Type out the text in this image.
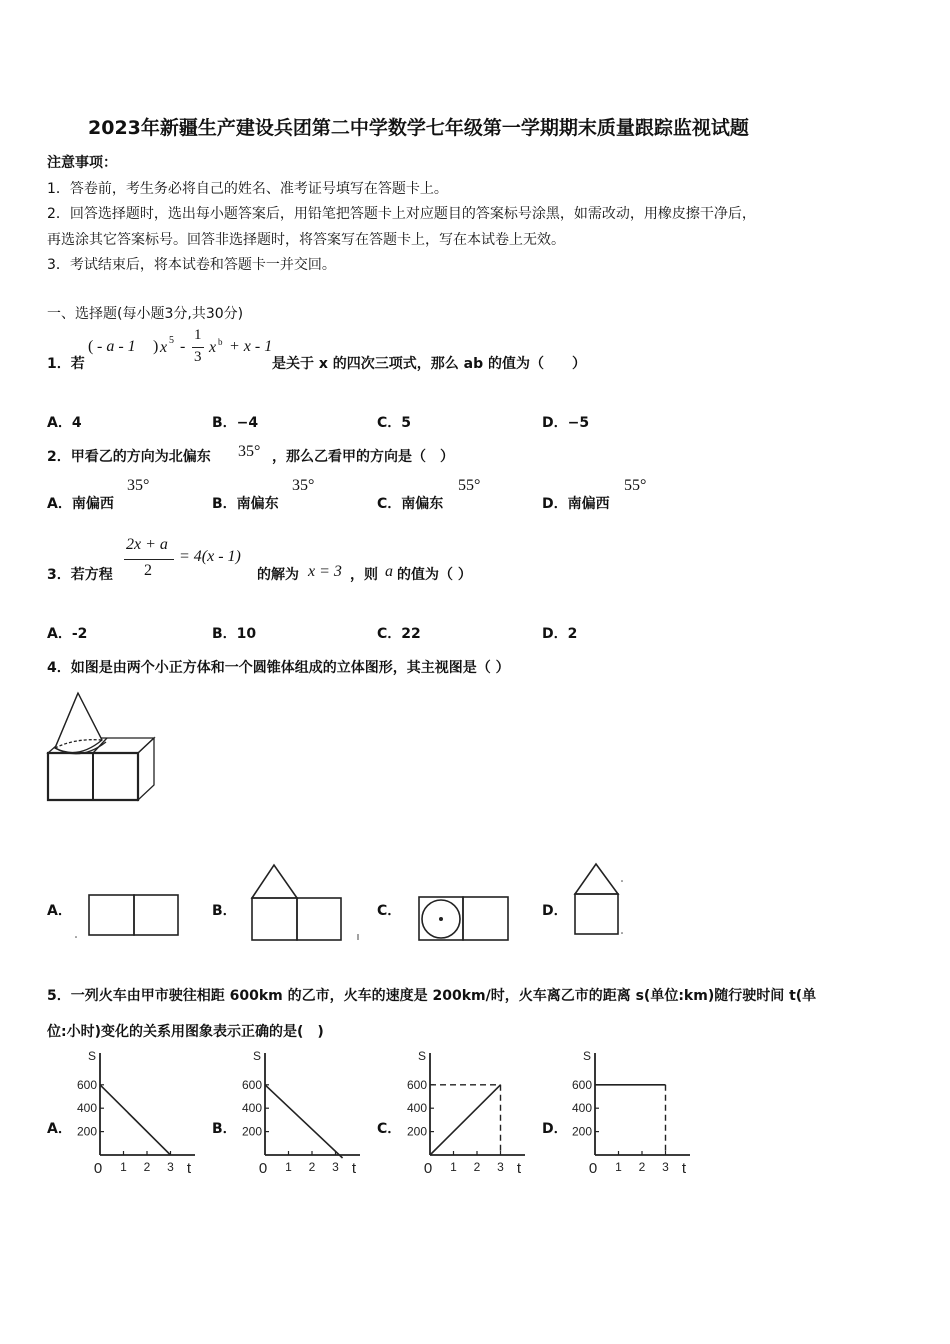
2023年新疆生产建设兵团第二中学数学七年级第一学期期末质量跟踪监视试题
注意事项：
1．答卷前，考生务必将自己的姓名、准考证号填写在答题卡上。
2．回答选择题时，选出每小题答案后，用铅笔把答题卡上对应题目的答案标号涂黑，如需改动，用橡皮擦干净后，
再选涂其它答案标号。回答非选择题时，将答案写在答题卡上，写在本试卷上无效。
3．考试结束后，将本试卷和答题卡一并交回。
一、选择题(每小题3分,共30分)
1．若
( - a - 1 ) x 5 -
1
3
x b + x - 1
是关于 x 的四次三项式，那么 ab 的值为（　　）
A．4	B．−4	C．5	D．−5
2．甲看乙的方向为北偏东 35° ，那么乙看甲的方向是（　）
A．南偏西
35°
B．南偏东
35°
C．南偏东
55°
D．南偏西
55°
3．若方程
2x + a
2
= 4(x - 1)
的解为 x = 3 ，则 a 的值为（ ）
A．-2	B．10	C．22	D．2
4．如图是由两个小正方体和一个圆锥体组成的立体图形，其主视图是（ ）
A．	B．	C．	D．
5．一列火车由甲市驶往相距 600km 的乙市，火车的速度是 200km/时，火车离乙市的距离 s(单位:km)随行驶时间 t(单
位:小时)变化的关系用图象表示正确的是(　)
A．	B．	C．	D．
S
t
0 1 2 3
600
400
200
S
t
0 1 2 3
600
400
200
S
t
0 1 2 3
600
400
200
S
t
0 1 2 3
600
400
200
